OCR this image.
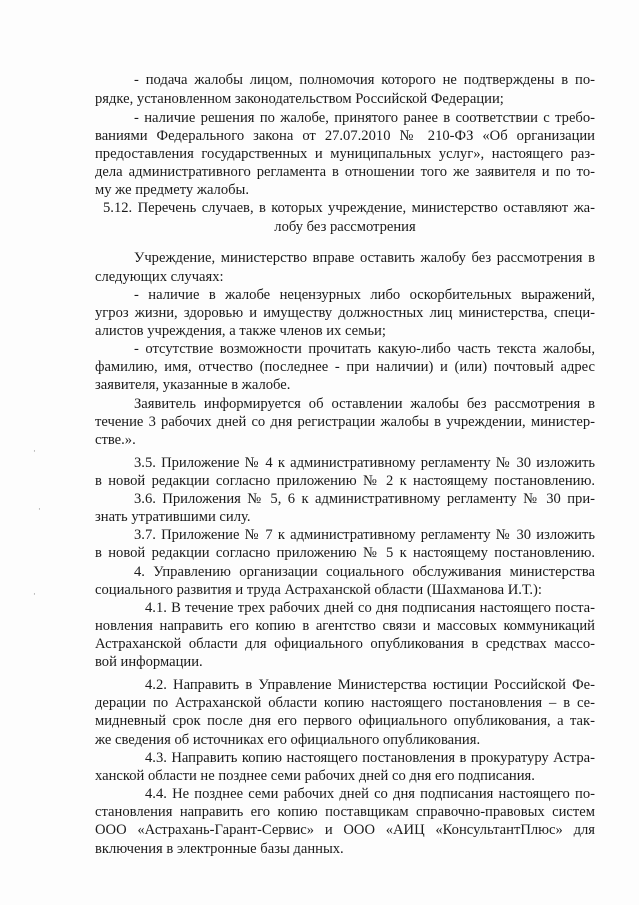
- подача жалобы лицом, полномочия которого не подтверждены в по-
рядке, установленном законодательством Российской Федерации;
- наличие решения по жалобе, принятого ранее в соответствии с требо-
ваниями Федерального закона от 27.07.2010 № 210-ФЗ «Об организации
предоставления государственных и муниципальных услуг», настоящего раз-
дела административного регламента в отношении того же заявителя и по то-
му же предмету жалобы.
5.12. Перечень случаев, в которых учреждение, министерство оставляют жа-
лобу без рассмотрения
Учреждение, министерство вправе оставить жалобу без рассмотрения в
следующих случаях:
- наличие в жалобе нецензурных либо оскорбительных выражений,
угроз жизни, здоровью и имуществу должностных лиц министерства, специ-
алистов учреждения, а также членов их семьи;
- отсутствие возможности прочитать какую-либо часть текста жалобы,
фамилию, имя, отчество (последнее - при наличии) и (или) почтовый адрес
заявителя, указанные в жалобе.
Заявитель информируется об оставлении жалобы без рассмотрения в
течение 3 рабочих дней со дня регистрации жалобы в учреждении, министер-
стве.».
3.5. Приложение № 4 к административному регламенту № 30 изложить
в новой редакции согласно приложению № 2 к настоящему постановлению.
3.6. Приложения № 5, 6 к административному регламенту № 30 при-
знать утратившими силу.
3.7. Приложение № 7 к административному регламенту № 30 изложить
в новой редакции согласно приложению № 5 к настоящему постановлению.
4. Управлению организации социального обслуживания министерства
социального развития и труда Астраханской области (Шахманова И.Т.):
4.1. В течение трех рабочих дней со дня подписания настоящего поста-
новления направить его копию в агентство связи и массовых коммуникаций
Астраханской области для официального опубликования в средствах массо-
вой информации.
4.2. Направить в Управление Министерства юстиции Российской Фе-
дерации по Астраханской области копию настоящего постановления – в се-
мидневный срок после дня его первого официального опубликования, а так-
же сведения об источниках его официального опубликования.
4.3. Направить копию настоящего постановления в прокуратуру Астра-
ханской области не позднее семи рабочих дней со дня его подписания.
4.4. Не позднее семи рабочих дней со дня подписания настоящего по-
становления направить его копию поставщикам справочно-правовых систем
ООО «Астрахань-Гарант-Сервис» и ООО «АИЦ «КонсультантПлюс» для
включения в электронные базы данных.
·
·
·
